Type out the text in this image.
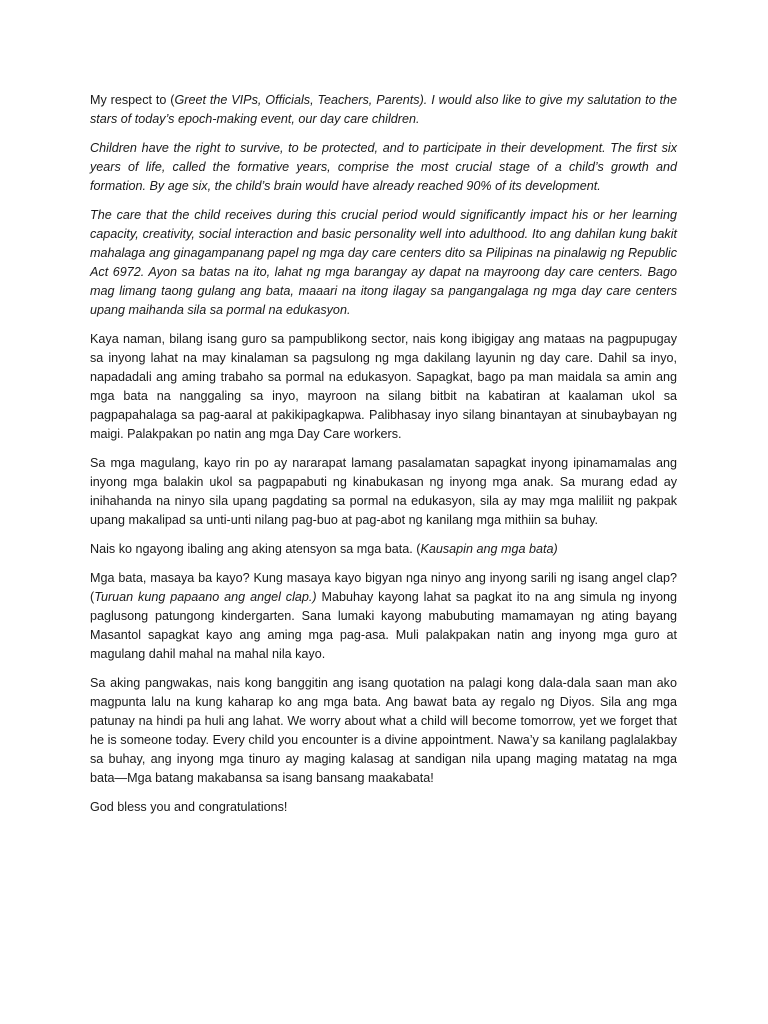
My respect to (Greet the VIPs, Officials, Teachers, Parents). I would also like to give my salutation to the stars of today’s epoch-making event, our day care children.

Children have the right to survive, to be protected, and to participate in their development. The first six years of life, called the formative years, comprise the most crucial stage of a child’s growth and formation. By age six, the child’s brain would have already reached 90% of its development.

The care that the child receives during this crucial period would significantly impact his or her learning capacity, creativity, social interaction and basic personality well into adulthood. Ito ang dahilan kung bakit mahalaga ang ginagampanang papel ng mga day care centers dito sa Pilipinas na pinalawig ng Republic Act 6972. Ayon sa batas na ito, lahat ng mga barangay ay dapat na mayroong day care centers. Bago mag limang taong gulang ang bata, maaari na itong ilagay sa pangangalaga ng mga day care centers upang maihanda sila sa pormal na edukasyon.

Kaya naman, bilang isang guro sa pampublikong sector, nais kong ibigigay ang mataas na pagpupugay sa inyong lahat na may kinalaman sa pagsulong ng mga dakilang layunin ng day care. Dahil sa inyo, napadadali ang aming trabaho sa pormal na edukasyon. Sapagkat, bago pa man maidala sa amin ang mga bata na nanggaling sa inyo, mayroon na silang bitbit na kabatiran at kaalaman ukol sa pagpapahalaga sa pag-aaral at pakikipagkapwa. Palibhasay inyo silang binantayan at sinubaybayan ng maigi. Palakpakan po natin ang mga Day Care workers.

Sa mga magulang, kayo rin po ay nararapat lamang pasalamatan sapagkat inyong ipinamamalas ang inyong mga balakin ukol sa pagpapabuti ng kinabukasan ng inyong mga anak. Sa murang edad ay inihahanda na ninyo sila upang pagdating sa pormal na edukasyon, sila ay may mga maliliit ng pakpak upang makalipad sa unti-unti nilang pag-buo at pag-abot ng kanilang mga mithiin sa buhay.

Nais ko ngayong ibaling ang aking atensyon sa mga bata. (Kausapin ang mga bata)

Mga bata, masaya ba kayo? Kung masaya kayo bigyan nga ninyo ang inyong sarili ng isang angel clap? (Turuan kung papaano ang angel clap.) Mabuhay kayong lahat sa pagkat ito na ang simula ng inyong paglusong patungong kindergarten. Sana lumaki kayong mabubuting mamamayan ng ating bayang Masantol sapagkat kayo ang aming mga pag-asa. Muli palakpakan natin ang inyong mga guro at magulang dahil mahal na mahal nila kayo.

Sa aking pangwakas, nais kong banggitin ang isang quotation na palagi kong dala-dala saan man ako magpunta lalu na kung kaharap ko ang mga bata. Ang bawat bata ay regalo ng Diyos. Sila ang mga patunay na hindi pa huli ang lahat. We worry about what a child will become tomorrow, yet we forget that he is someone today. Every child you encounter is a divine appointment. Nawa’y sa kanilang paglalakbay sa buhay, ang inyong mga tinuro ay maging kalasag at sandigan nila upang maging matatag na mga bata—Mga batang makabansa sa isang bansang maakabata!

God bless you and congratulations!
